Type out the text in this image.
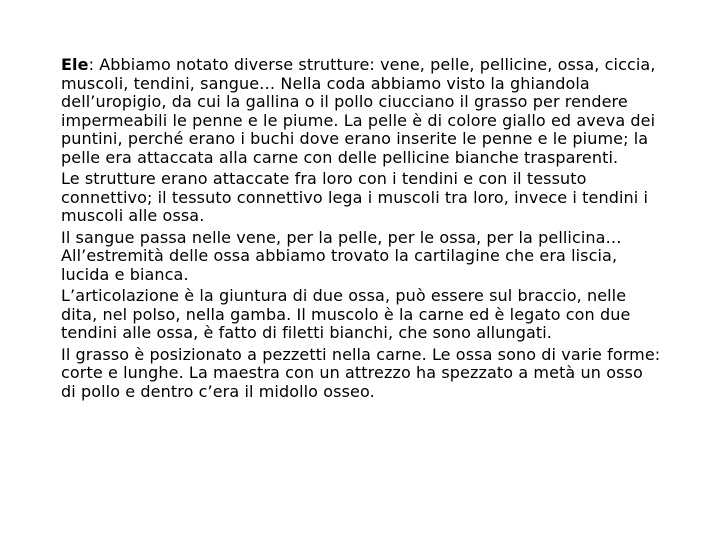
Ele: Abbiamo notato diverse strutture: vene, pelle, pellicine, ossa, ciccia, muscoli, tendini, sangue… Nella coda abbiamo visto la ghiandola dell’uropigio, da cui la gallina o il pollo ciucciano il grasso per rendere impermeabili le penne e le piume. La pelle è di colore giallo ed aveva dei puntini, perché erano i buchi dove erano inserite le penne e le piume; la pelle era attaccata alla carne con delle pellicine bianche trasparenti.

Le strutture erano attaccate fra loro con i tendini e con il tessuto connettivo; il tessuto connettivo lega i muscoli tra loro, invece i tendini i muscoli alle ossa.

Il sangue passa nelle vene, per la pelle, per le ossa, per la pellicina… All’estremità delle ossa abbiamo trovato la cartilagine che era liscia, lucida e bianca.

L’articolazione è la giuntura di due ossa, può essere sul braccio, nelle dita, nel polso, nella gamba. Il muscolo è la carne ed è legato con due tendini alle ossa, è fatto di filetti bianchi, che sono allungati.

Il grasso è posizionato a pezzetti nella carne. Le ossa sono di varie forme: corte e lunghe. La maestra con un attrezzo ha spezzato a metà un osso di pollo e dentro c’era il midollo osseo.
